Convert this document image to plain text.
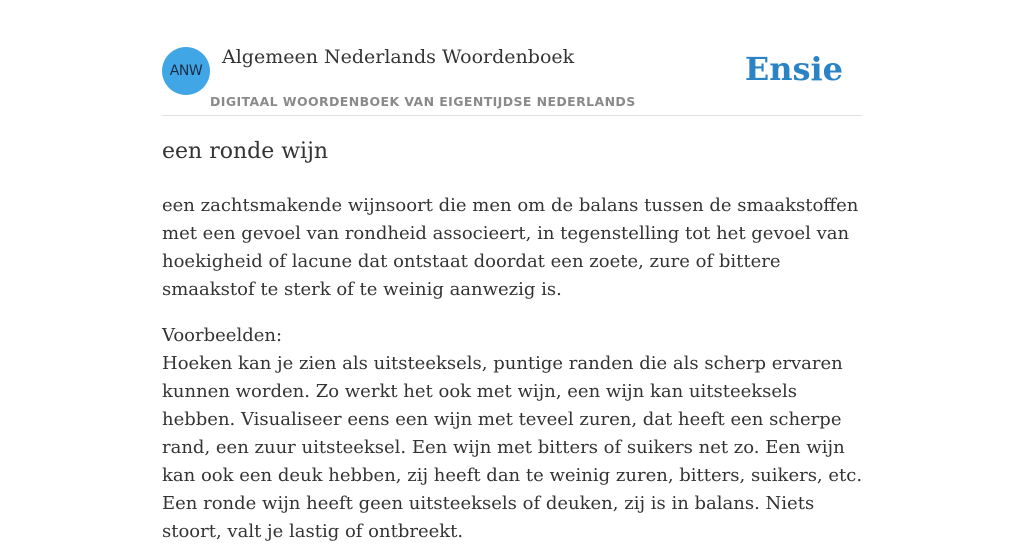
ANW
Algemeen Nederlands Woordenboek
DIGITAAL WOORDENBOEK VAN EIGENTIJDSE NEDERLANDS
Ensie
een ronde wijn

een zachtsmakende wijnsoort die men om de balans tussen de smaakstoffen met een gevoel van rondheid associeert, in tegenstelling tot het gevoel van hoekigheid of lacune dat ontstaat doordat een zoete, zure of bittere smaakstof te sterk of te weinig aanwezig is.

Voorbeelden:
Hoeken kan je zien als uitsteeksels, puntige randen die als scherp ervaren kunnen worden. Zo werkt het ook met wijn, een wijn kan uitsteeksels hebben. Visualiseer eens een wijn met teveel zuren, dat heeft een scherpe rand, een zuur uitsteeksel. Een wijn met bitters of suikers net zo. Een wijn kan ook een deuk hebben, zij heeft dan te weinig zuren, bitters, suikers, etc. Een ronde wijn heeft geen uitsteeksels of deuken, zij is in balans. Niets stoort, valt je lastig of ontbreekt.
